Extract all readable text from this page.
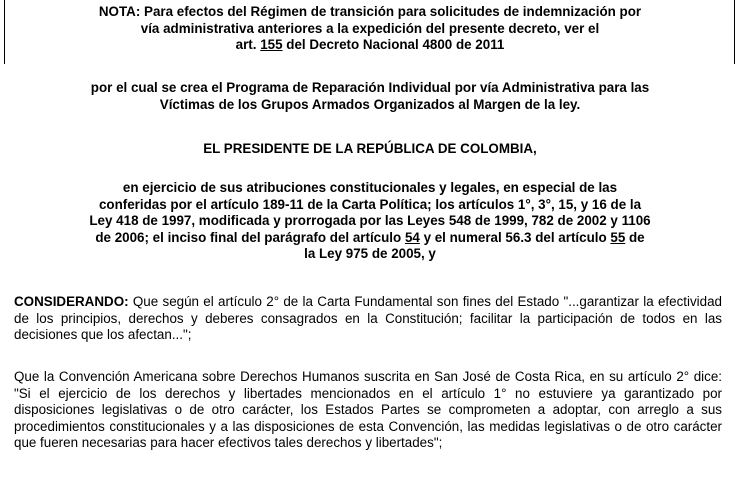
NOTA: Para efectos del Régimen de transición para solicitudes de indemnización por
vía administrativa anteriores a la expedición del presente decreto, ver el
art. 155 del Decreto Nacional 4800 de 2011
por el cual se crea el Programa de Reparación Individual por vía Administrativa para las
Víctimas de los Grupos Armados Organizados al Margen de la ley.
EL PRESIDENTE DE LA REPÚBLICA DE COLOMBIA,
en ejercicio de sus atribuciones constitucionales y legales, en especial de las
conferidas por el artículo 189-11 de la Carta Política; los artículos 1°, 3°, 15, y 16 de la
Ley 418 de 1997, modificada y prorrogada por las Leyes 548 de 1999, 782 de 2002 y 1106
de 2006; el inciso final del parágrafo del artículo 54 y el numeral 56.3 del artículo 55 de
la Ley 975 de 2005, y
CONSIDERANDO: Que según el artículo 2° de la Carta Fundamental son fines del Estado "...garantizar la efectividad de los principios, derechos y deberes consagrados en la Constitución; facilitar la participación de todos en las decisiones que los afectan...";
Que la Convención Americana sobre Derechos Humanos suscrita en San José de Costa Rica, en su artículo 2° dice: "Si el ejercicio de los derechos y libertades mencionados en el artículo 1° no estuviere ya garantizado por disposiciones legislativas o de otro carácter, los Estados Partes se comprometen a adoptar, con arreglo a sus procedimientos constitucionales y a las disposiciones de esta Convención, las medidas legislativas o de otro carácter que fueren necesarias para hacer efectivos tales derechos y libertades";
